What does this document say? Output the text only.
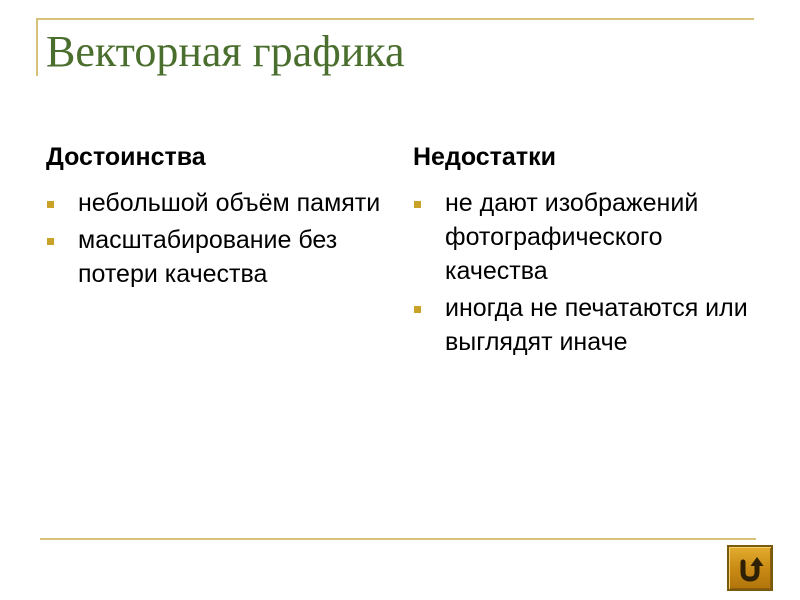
Векторная графика
Достоинства
небольшой объём памяти
масштабирование без потери качества
Недостатки
не дают изображений фотографического качества
иногда не печатаются или выглядят иначе
